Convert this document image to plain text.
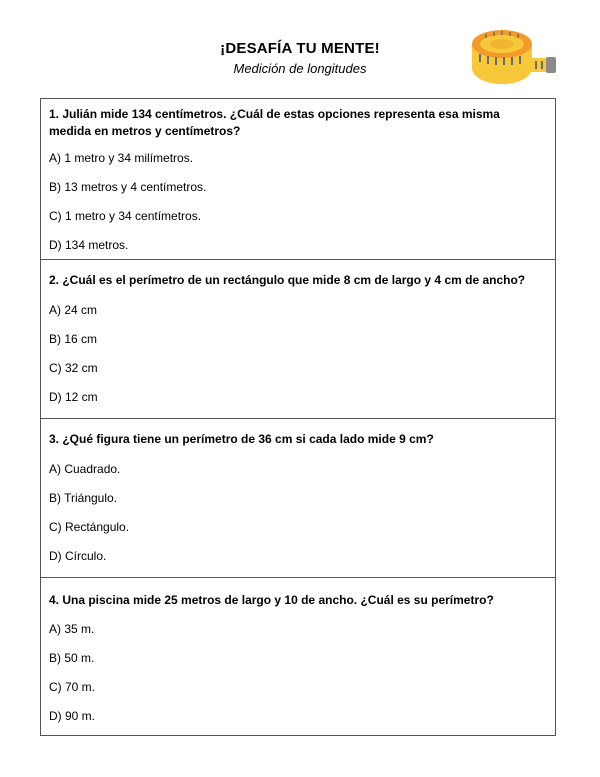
¡DESAFÍA TU MENTE!
Medición de longitudes
1. Julián mide 134 centímetros. ¿Cuál de estas opciones representa esa misma medida en metros y centímetros?
A) 1 metro y 34 milímetros.
B) 13 metros y 4 centímetros.
C) 1 metro y 34 centímetros.
D) 134 metros.
2. ¿Cuál es el perímetro de un rectángulo que mide 8 cm de largo y 4 cm de ancho?
A) 24 cm
B) 16 cm
C) 32 cm
D) 12 cm
3. ¿Qué figura tiene un perímetro de 36 cm si cada lado mide 9 cm?
A) Cuadrado.
B) Triángulo.
C) Rectángulo.
D) Círculo.
4. Una piscina mide 25 metros de largo y 10 de ancho. ¿Cuál es su perímetro?
A) 35 m.
B) 50 m.
C) 70 m.
D) 90 m.
